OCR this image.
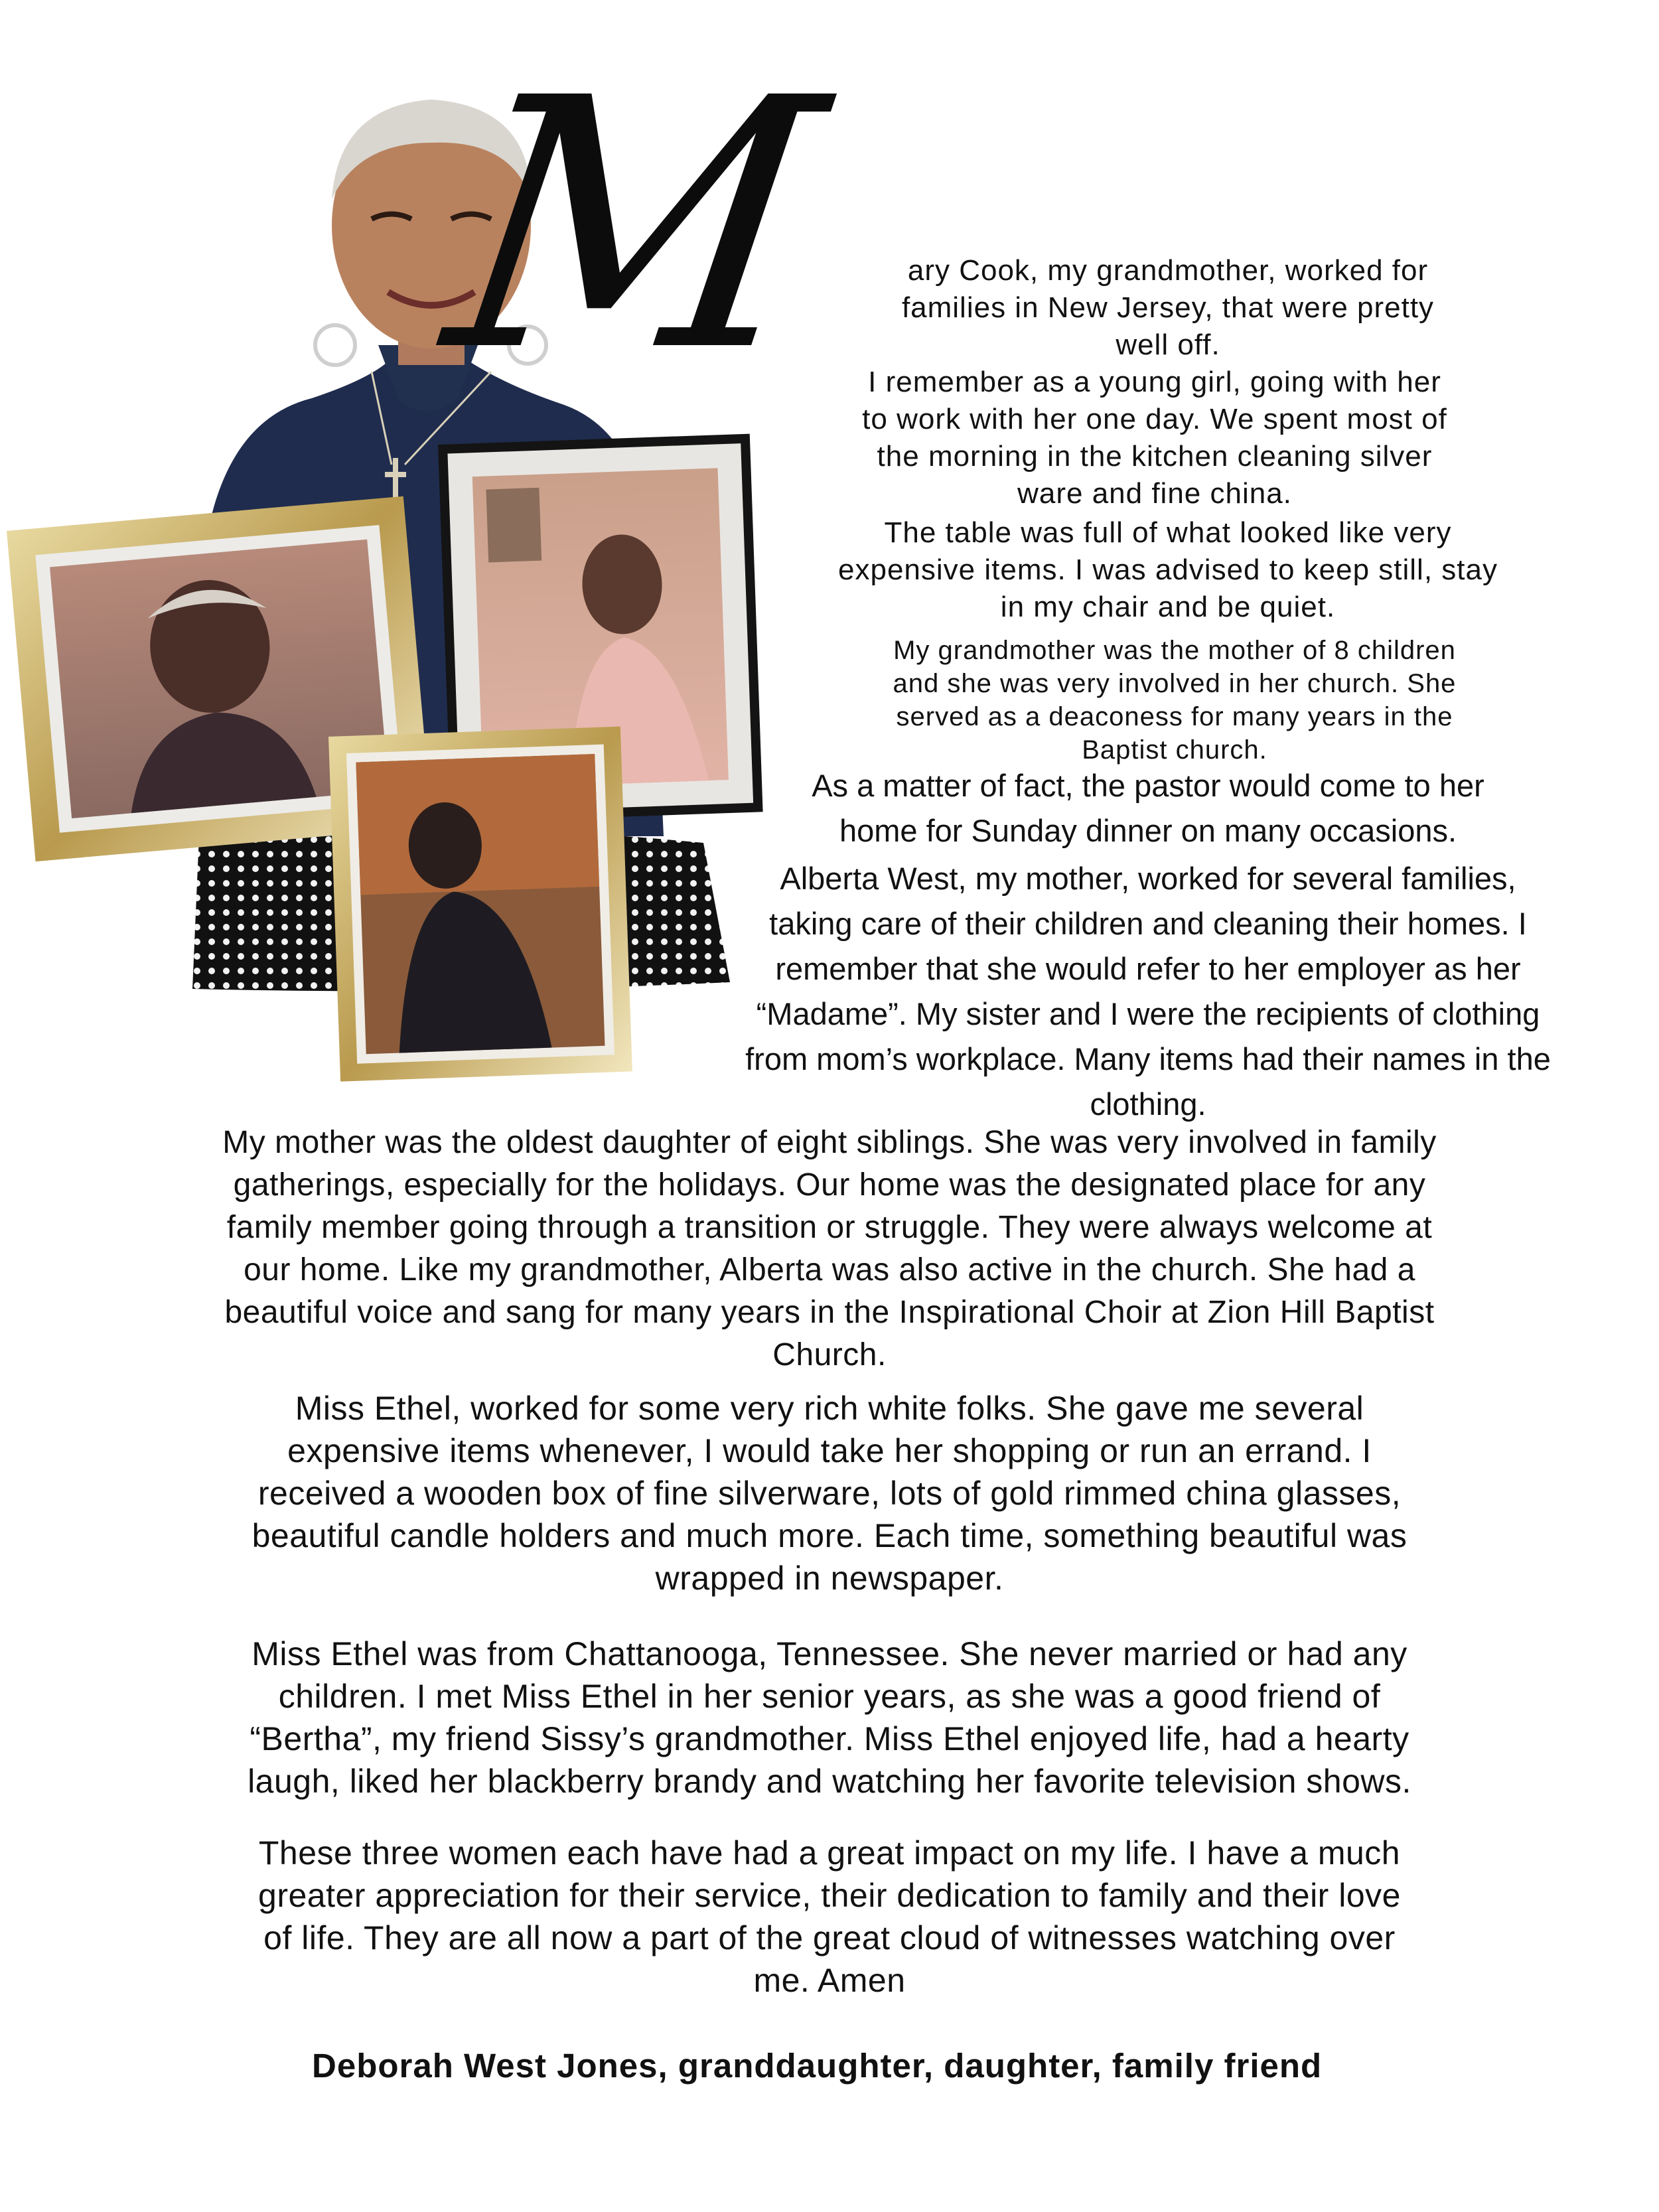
M	ary Cook, my grandmother, worked for
families in New Jersey, that were pretty
well off.
I remember as a young girl, going with her
to work with her one day. We spent most of
the morning in the kitchen cleaning silver
ware and fine china.
The table was full of what looked like very
expensive items. I was advised to keep still, stay
in my chair and be quiet.
My grandmother was the mother of 8 children
and she was very involved in her church. She
served as a deaconess for many years in the
Baptist church.
As a matter of fact, the pastor would come to her
home for Sunday dinner on many occasions.
Alberta West, my mother, worked for several families,
taking care of their children and cleaning their homes. I
remember that she would refer to her employer as her
“Madame”. My sister and I were the recipients of clothing
from mom’s workplace. Many items had their names in the
clothing.
My mother was the oldest daughter of eight siblings. She was very involved in family
gatherings, especially for the holidays. Our home was the designated place for any
family member going through a transition or struggle. They were always welcome at
our home. Like my grandmother, Alberta was also active in the church. She had a
beautiful voice and sang for many years in the Inspirational Choir at Zion Hill Baptist
Church.
Miss Ethel, worked for some very rich white folks. She gave me several
expensive items whenever, I would take her shopping or run an errand. I
received a wooden box of fine silverware, lots of gold rimmed china glasses,
beautiful candle holders and much more. Each time, something beautiful was
wrapped in newspaper.
Miss Ethel was from Chattanooga, Tennessee. She never married or had any
children. I met Miss Ethel in her senior years, as she was a good friend of
“Bertha”, my friend Sissy’s grandmother. Miss Ethel enjoyed life, had a hearty
laugh, liked her blackberry brandy and watching her favorite television shows.
These three women each have had a great impact on my life. I have a much
greater appreciation for their service, their dedication to family and their love
of life. They are all now a part of the great cloud of witnesses watching over
me. Amen

Deborah West Jones, granddaughter, daughter, family friend
